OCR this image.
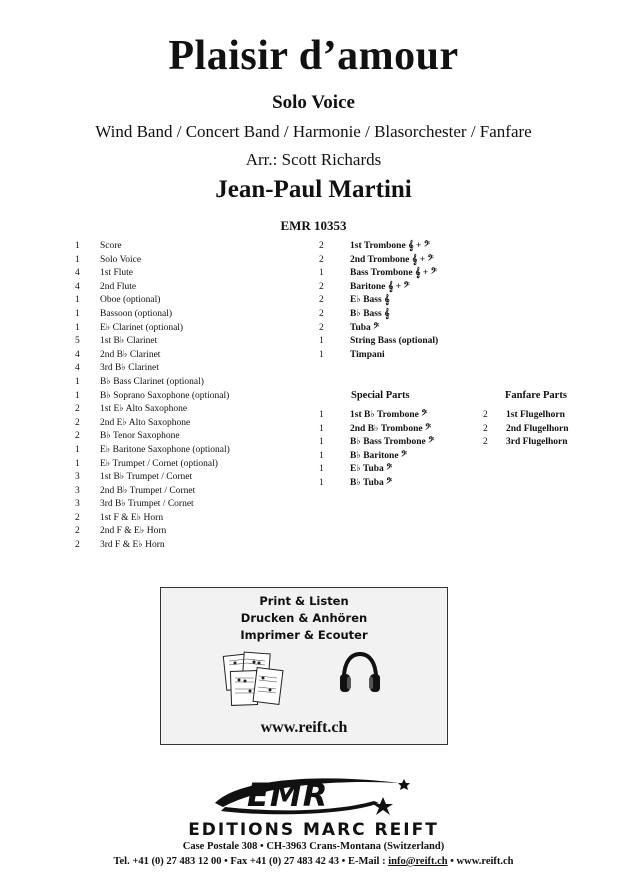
Plaisir d’amour
Solo Voice
Wind Band / Concert Band / Harmonie / Blasorchester / Fanfare
Arr.: Scott Richards
Jean-Paul Martini
EMR 10353
1	Score
1	Solo Voice
4	1st Flute
4	2nd Flute
1	Oboe (optional)
1	Bassoon (optional)
1	E♭ Clarinet (optional)
5	1st B♭ Clarinet
4	2nd B♭ Clarinet
4	3rd B♭ Clarinet
1	B♭ Bass Clarinet (optional)
1	B♭ Soprano Saxophone (optional)
2	1st E♭ Alto Saxophone
2	2nd E♭ Alto Saxophone
2	B♭ Tenor Saxophone
1	E♭ Baritone Saxophone (optional)
1	E♭ Trumpet / Cornet (optional)
3	1st B♭ Trumpet / Cornet
3	2nd B♭ Trumpet / Cornet
3	3rd B♭ Trumpet / Cornet
2	1st F & E♭ Horn
2	2nd F & E♭ Horn
2	3rd F & E♭ Horn
2	1st Trombone 𝄞 + 𝄢
2	2nd Trombone 𝄞 + 𝄢
1	Bass Trombone 𝄞 + 𝄢
2	Baritone 𝄞 + 𝄢
2	E♭ Bass 𝄞
2	B♭ Bass 𝄞
2	Tuba 𝄢
1	String Bass (optional)
1	Timpani
Special Parts	Fanfare Parts
1	1st B♭ Trombone 𝄢
1	2nd B♭ Trombone 𝄢
1	B♭ Bass Trombone 𝄢
1	B♭ Baritone 𝄢
1	E♭ Tuba 𝄢
1	B♭ Tuba 𝄢
2	1st Flugelhorn
2	2nd Flugelhorn
2	3rd Flugelhorn
Print & Listen
Drucken & Anhören
Imprimer & Ecouter
www.reift.ch
EMR
EDITIONS MARC REIFT
Case Postale 308 • CH-3963 Crans-Montana (Switzerland)
Tel. +41 (0) 27 483 12 00 • Fax +41 (0) 27 483 42 43 • E-Mail : info@reift.ch • www.reift.ch
